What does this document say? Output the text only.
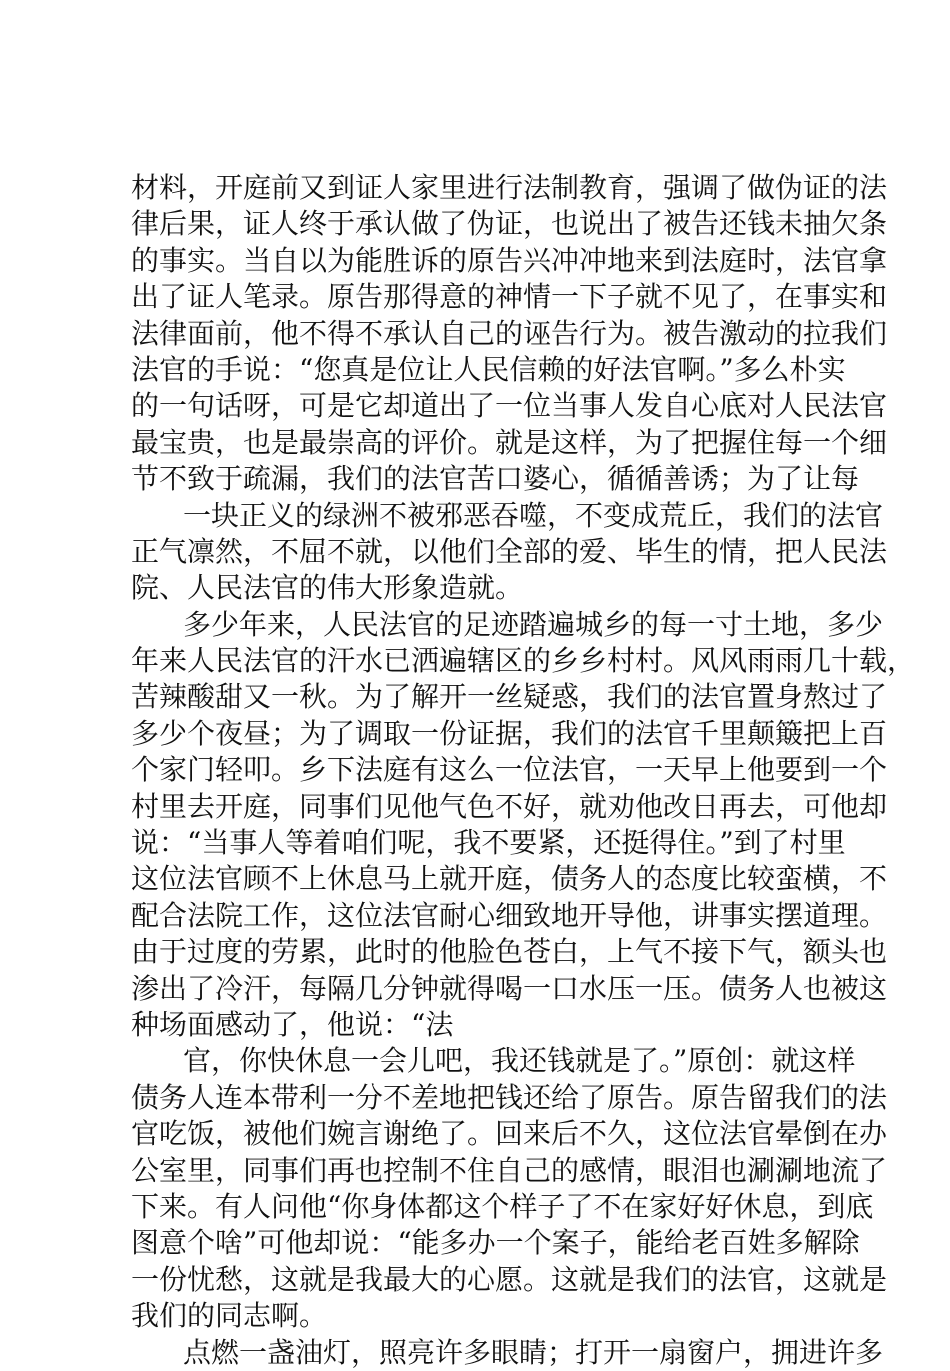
材料，开庭前又到证人家里进行法制教育，强调了做伪证的法
律后果，证人终于承认做了伪证，也说出了被告还钱未抽欠条
的事实。当自以为能胜诉的原告兴冲冲地来到法庭时，法官拿
出了证人笔录。原告那得意的神情一下子就不见了，在事实和
法律面前，他不得不承认自己的诬告行为。被告激动的拉我们
法官的手说：“您真是位让人民信赖的好法官啊。”多么朴实
的一句话呀，可是它却道出了一位当事人发自心底对人民法官
最宝贵，也是最崇高的评价。就是这样，为了把握住每一个细
节不致于疏漏，我们的法官苦口婆心，循循善诱；为了让每
一块正义的绿洲不被邪恶吞噬，不变成荒丘，我们的法官
正气凛然，不屈不就，以他们全部的爱、毕生的情，把人民法
院、人民法官的伟大形象造就。
多少年来，人民法官的足迹踏遍城乡的每一寸土地，多少
年来人民法官的汗水已洒遍辖区的乡乡村村。风风雨雨几十载，
苦辣酸甜又一秋。为了解开一丝疑惑，我们的法官置身熬过了
多少个夜昼；为了调取一份证据，我们的法官千里颠簸把上百
个家门轻叩。乡下法庭有这么一位法官，一天早上他要到一个
村里去开庭，同事们见他气色不好，就劝他改日再去，可他却
说：“当事人等着咱们呢，我不要紧，还挺得住。”到了村里
这位法官顾不上休息马上就开庭，债务人的态度比较蛮横，不
配合法院工作，这位法官耐心细致地开导他，讲事实摆道理。
由于过度的劳累，此时的他脸色苍白，上气不接下气，额头也
渗出了冷汗，每隔几分钟就得喝一口水压一压。债务人也被这
种场面感动了，他说：“法
官，你快休息一会儿吧，我还钱就是了。”原创：就这样
债务人连本带利一分不差地把钱还给了原告。原告留我们的法
官吃饭，被他们婉言谢绝了。回来后不久，这位法官晕倒在办
公室里，同事们再也控制不住自己的感情，眼泪也涮涮地流了
下来。有人问他“你身体都这个样子了不在家好好休息，到底
图意个啥”可他却说：“能多办一个案子，能给老百姓多解除
一份忧愁，这就是我最大的心愿。这就是我们的法官，这就是
我们的同志啊。
点燃一盏油灯，照亮许多眼睛；打开一扇窗户，拥进许多
